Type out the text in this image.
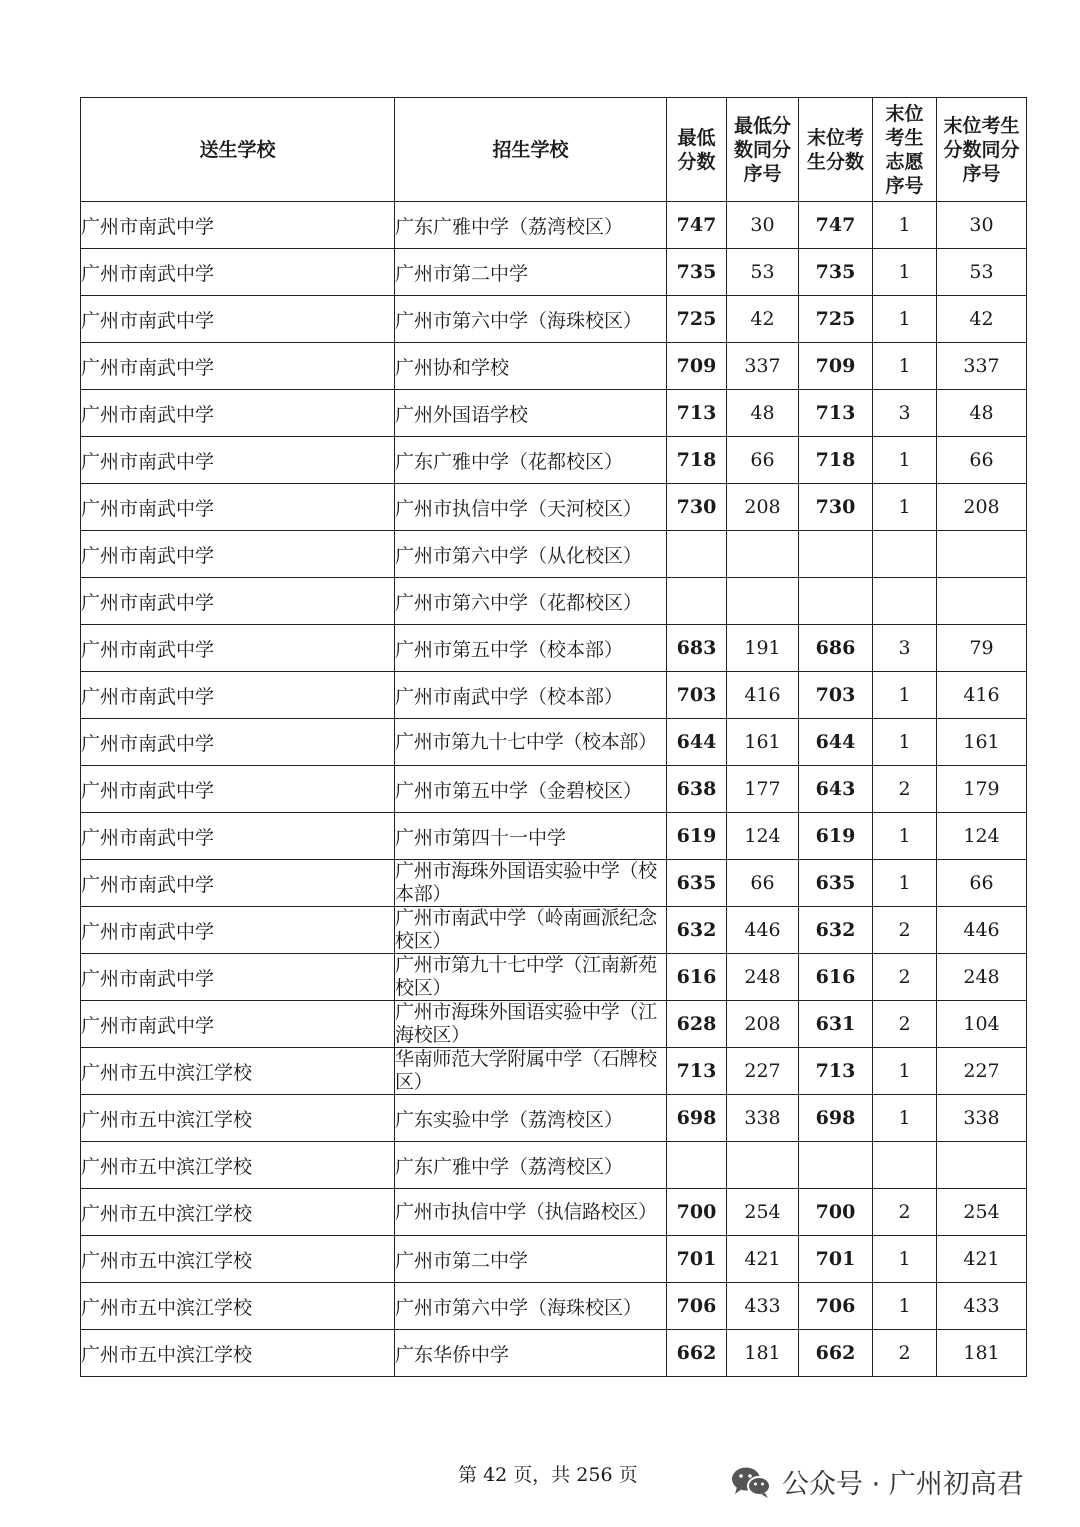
送生学校	招生学校	最低分数	最低分数同分序号	末位考生分数	末位考生志愿序号	末位考生分数同分序号

广州市南武中学	广东广雅中学（荔湾校区）	747	30	747	1	30
广州市南武中学	广州市第二中学	735	53	735	1	53
广州市南武中学	广州市第六中学（海珠校区）	725	42	725	1	42
广州市南武中学	广州协和学校	709	337	709	1	337
广州市南武中学	广州外国语学校	713	48	713	3	48
广州市南武中学	广东广雅中学（花都校区）	718	66	718	1	66
广州市南武中学	广州市执信中学（天河校区）	730	208	730	1	208
广州市南武中学	广州市第六中学（从化校区）					
广州市南武中学	广州市第六中学（花都校区）					
广州市南武中学	广州市第五中学（校本部）	683	191	686	3	79
广州市南武中学	广州市南武中学（校本部）	703	416	703	1	416
广州市南武中学	广州市第九十七中学（校本部）	644	161	644	1	161
广州市南武中学	广州市第五中学（金碧校区）	638	177	643	2	179
广州市南武中学	广州市第四十一中学	619	124	619	1	124
广州市南武中学	广州市海珠外国语实验中学（校本部）	635	66	635	1	66
广州市南武中学	广州市南武中学（岭南画派纪念校区）	632	446	632	2	446
广州市南武中学	广州市第九十七中学（江南新苑校区）	616	248	616	2	248
广州市南武中学	广州市海珠外国语实验中学（江海校区）	628	208	631	2	104
广州市五中滨江学校	华南师范大学附属中学（石牌校区）	713	227	713	1	227
广州市五中滨江学校	广东实验中学（荔湾校区）	698	338	698	1	338
广州市五中滨江学校	广东广雅中学（荔湾校区）					
广州市五中滨江学校	广州市执信中学（执信路校区）	700	254	700	2	254
广州市五中滨江学校	广州市第二中学	701	421	701	1	421
广州市五中滨江学校	广州市第六中学（海珠校区）	706	433	706	1	433
广州市五中滨江学校	广东华侨中学	662	181	662	2	181
第 42 页，共 256 页	公众号 · 广州初高君
